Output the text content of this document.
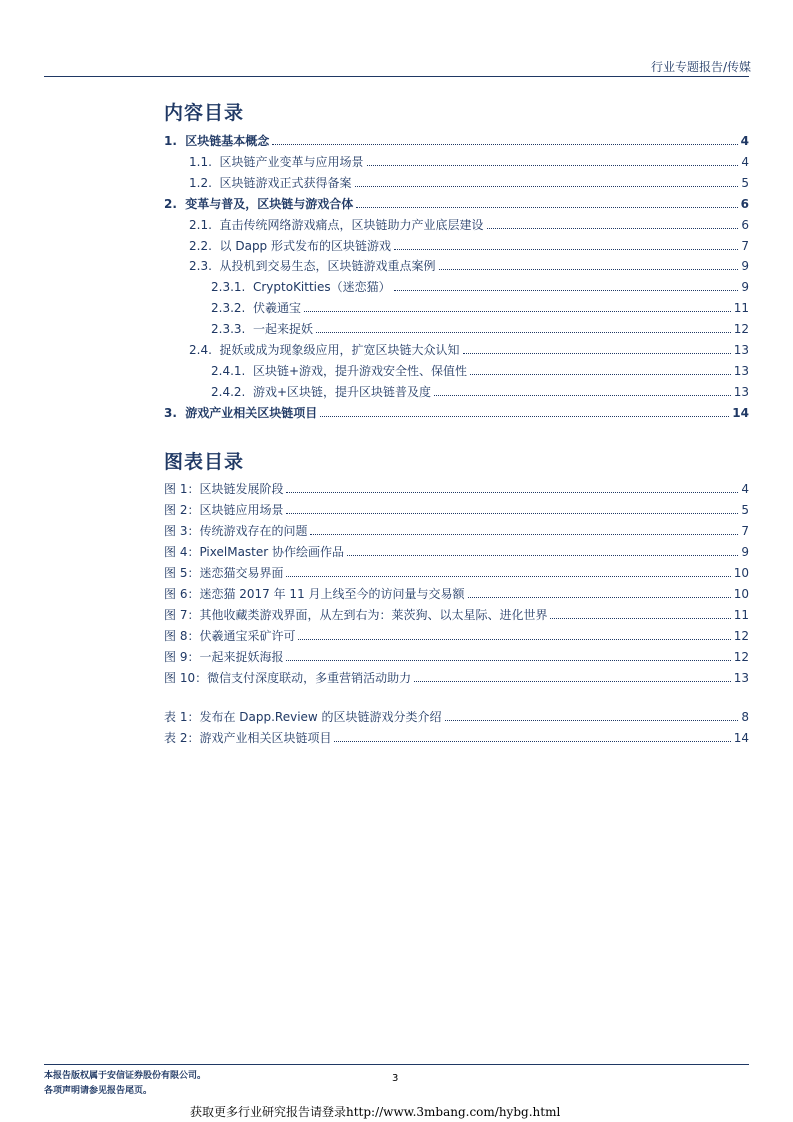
行业专题报告/传媒
内容目录
1. 区块链基本概念	4
1.1. 区块链产业变革与应用场景	4
1.2. 区块链游戏正式获得备案	5
2. 变革与普及，区块链与游戏合体	6
2.1. 直击传统网络游戏痛点，区块链助力产业底层建设	6
2.2. 以 Dapp 形式发布的区块链游戏	7
2.3. 从投机到交易生态，区块链游戏重点案例	9
2.3.1. CryptoKitties（迷恋猫）	9
2.3.2. 伏羲通宝	11
2.3.3. 一起来捉妖	12
2.4. 捉妖或成为现象级应用，扩宽区块链大众认知	13
2.4.1. 区块链+游戏，提升游戏安全性、保值性	13
2.4.2. 游戏+区块链，提升区块链普及度	13
3. 游戏产业相关区块链项目	14
图表目录
图 1： 区块链发展阶段	4
图 2： 区块链应用场景	5
图 3： 传统游戏存在的问题	7
图 4： PixelMaster 协作绘画作品	9
图 5： 迷恋猫交易界面	10
图 6： 迷恋猫 2017 年 11 月上线至今的访问量与交易额	10
图 7： 其他收藏类游戏界面，从左到右为：莱茨狗、以太星际、进化世界	11
图 8： 伏羲通宝采矿许可	12
图 9： 一起来捉妖海报	12
图 10： 微信支付深度联动，多重营销活动助力	13
表 1： 发布在 Dapp.Review 的区块链游戏分类介绍	8
表 2： 游戏产业相关区块链项目	14
本报告版权属于安信证券股份有限公司。
各项声明请参见报告尾页。
3
获取更多行业研究报告请登录http://www.3mbang.com/hybg.html
